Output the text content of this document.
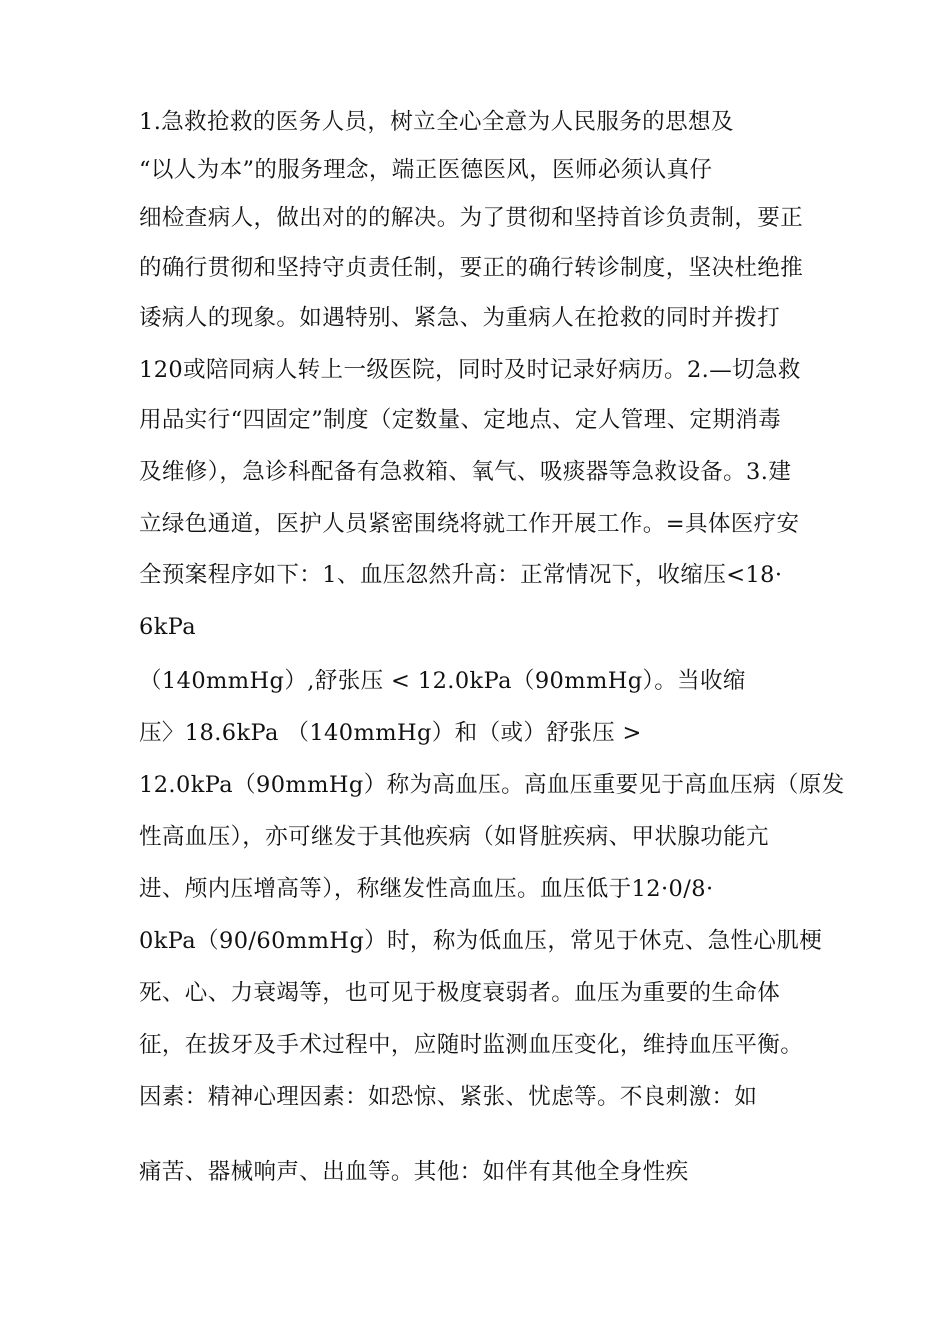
1.急救抢救的医务人员，树立全心全意为人民服务的思想及
“以人为本”的服务理念，端正医德医风，医师必须认真仔
细检查病人，做出对的的解决。为了贯彻和坚持首诊负责制，要正
的确行贯彻和坚持守贞责任制，要正的确行转诊制度，坚决杜绝推
诿病人的现象。如遇特别、紧急、为重病人在抢救的同时并拨打
120或陪同病人转上一级医院，同时及时记录好病历。2.—切急救
用品实行“四固定”制度（定数量、定地点、定人管理、定期消毒
及维修），急诊科配备有急救箱、氧气、吸痰器等急救设备。3.建
立绿色通道，医护人员紧密围绕将就工作开展工作。=具体医疗安
全预案程序如下：1、血压忽然升高：正常情况下，收缩压<18·
6kPa
（140mmHg）,舒张压 < 12.0kPa（90mmHg）。当收缩
压〉18.6kPa （140mmHg）和（或）舒张压 >
12.0kPa（90mmHg）称为高血压。高血压重要见于高血压病（原发
性高血压），亦可继发于其他疾病（如肾脏疾病、甲状腺功能亢
进、颅内压增高等），称继发性高血压。血压低于12·0/8·
0kPa（90/60mmHg）时，称为低血压，常见于休克、急性心肌梗
死、心、力衰竭等，也可见于极度衰弱者。血压为重要的生命体
征，在拔牙及手术过程中，应随时监测血压变化，维持血压平衡。
因素：精神心理因素：如恐惊、紧张、忧虑等。不良刺激：如
痛苦、器械响声、出血等。其他：如伴有其他全身性疾
